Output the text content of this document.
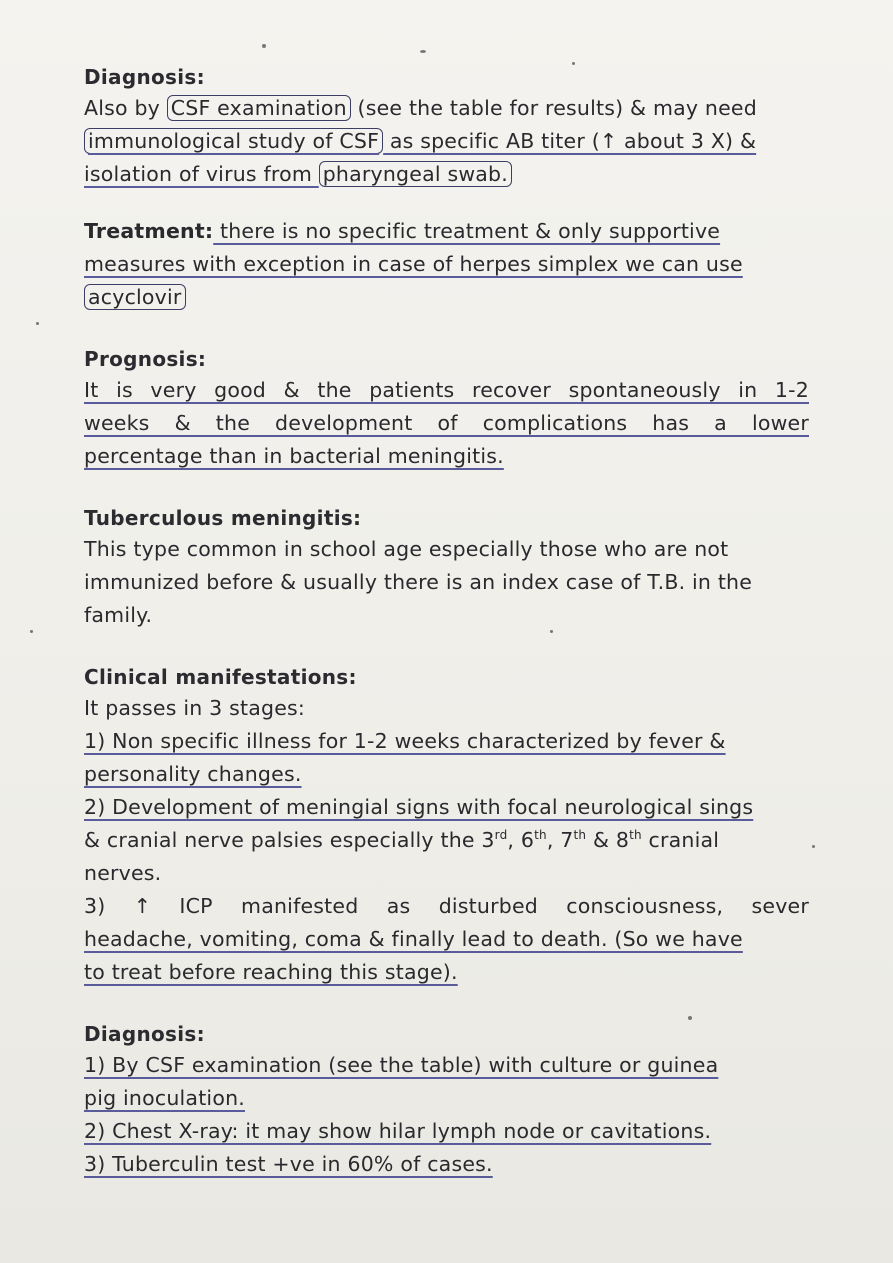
Diagnosis:
Also by CSF examination (see the table for results) & may need
immunological study of CSF as specific AB titer (↑ about 3 X) &
isolation of virus from pharyngeal swab.
Treatment: there is no specific treatment & only supportive
measures with exception in case of herpes simplex we can use
acyclovir
Prognosis:
It is very good & the patients recover spontaneously in 1-2
weeks & the development of complications has a lower
percentage than in bacterial meningitis.
Tuberculous meningitis:
This type common in school age especially those who are not
immunized before & usually there is an index case of T.B. in the
family.
Clinical manifestations:
It passes in 3 stages:
1) Non specific illness for 1-2 weeks characterized by fever &
personality changes.
2) Development of meningial signs with focal neurological sings
& cranial nerve palsies especially the 3rd, 6th, 7th & 8th cranial
nerves.
3) ↑ ICP manifested as disturbed consciousness, sever
headache, vomiting, coma & finally lead to death. (So we have
to treat before reaching this stage).
Diagnosis:
1) By CSF examination (see the table) with culture or guinea
pig inoculation.
2) Chest X-ray: it may show hilar lymph node or cavitations.
3) Tuberculin test +ve in 60% of cases.
